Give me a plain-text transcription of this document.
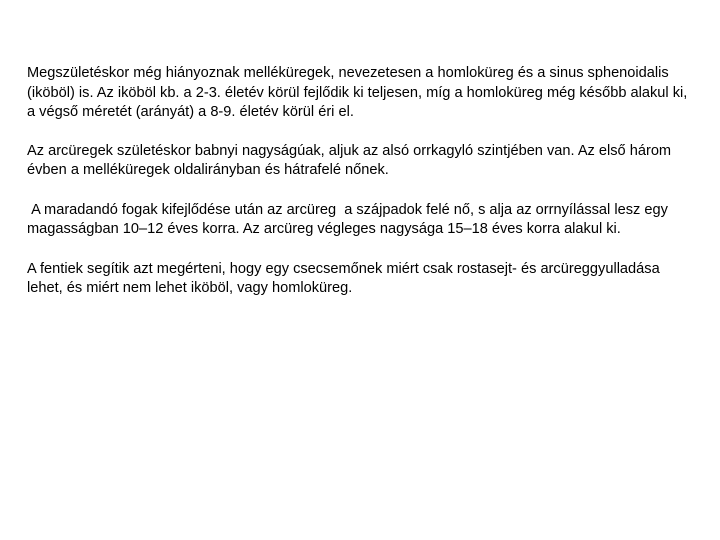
Megszületéskor még hiányoznak melléküregek, nevezetesen a homloküreg és a sinus sphenoidalis (iköböl) is. Az iköböl kb. a 2-3. életév körül fejlődik ki teljesen, míg a homloküreg még később alakul ki, a végső méretét (arányát) a 8-9. életév körül éri el.

Az arcüregek születéskor babnyi nagyságúak, aljuk az alsó orrkagyló szintjében van. Az első három évben a melléküregek oldalirányban és hátrafelé nőnek.

A maradandó fogak kifejlődése után az arcüreg  a szájpadok felé nő, s alja az orrnyílással lesz egy magasságban 10–12 éves korra. Az arcüreg végleges nagysága 15–18 éves korra alakul ki.

A fentiek segítik azt megérteni, hogy egy csecsemőnek miért csak rostasejt- és arcüreggyulladása lehet, és miért nem lehet iköböl, vagy homloküreg.
